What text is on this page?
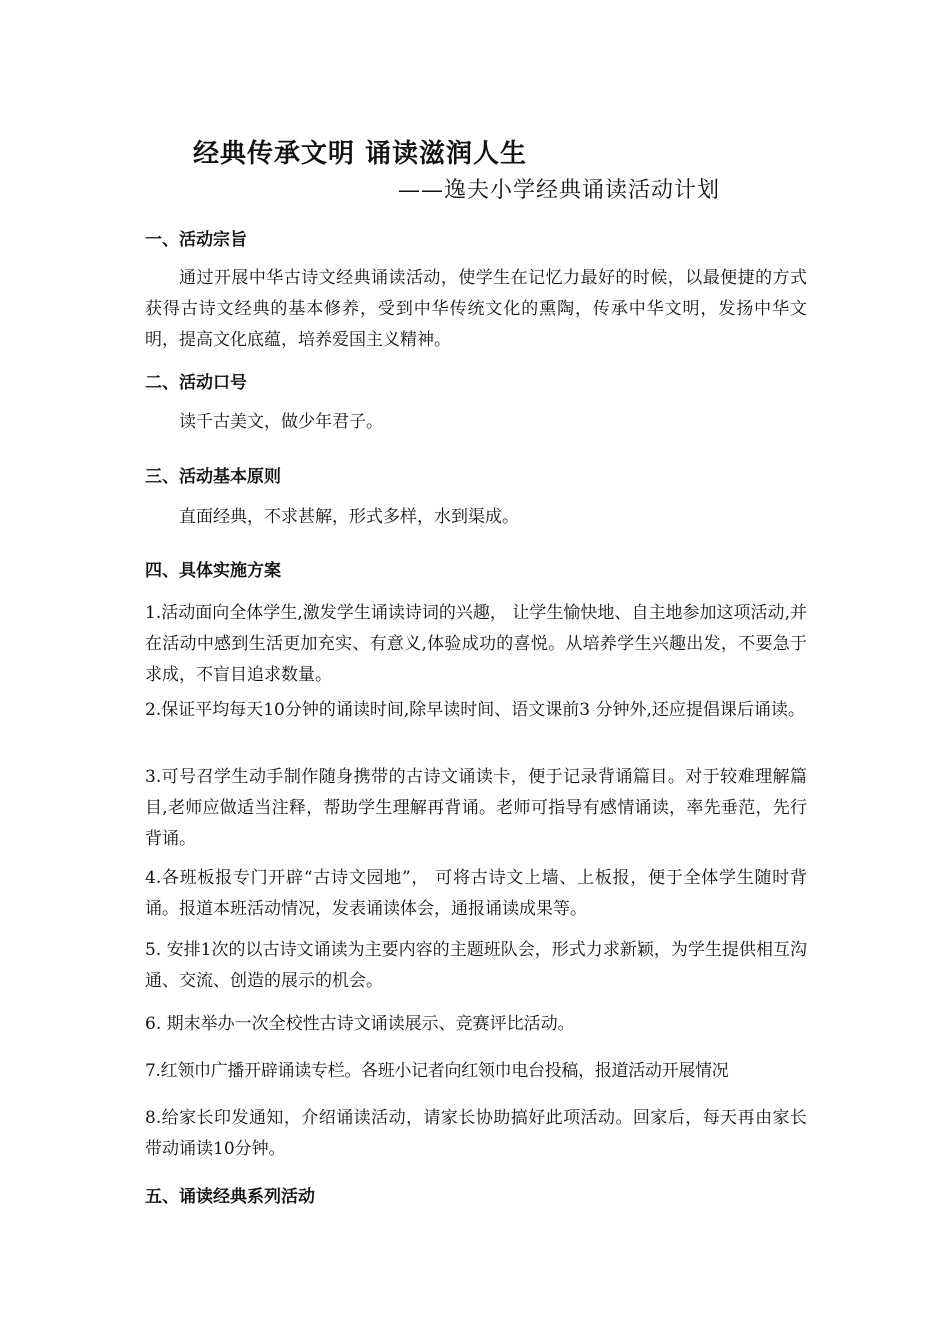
经典传承文明 诵读滋润人生
——逸夫小学经典诵读活动计划
一、活动宗旨
通过开展中华古诗文经典诵读活动，使学生在记忆力最好的时候，以最便捷的方式获得古诗文经典的基本修养，受到中华传统文化的熏陶，传承中华文明，发扬中华文明，提高文化底蕴，培养爱国主义精神。
二、活动口号
读千古美文，做少年君子。
三、活动基本原则
直面经典，不求甚解，形式多样，水到渠成。
四、具体实施方案
1.活动面向全体学生,激发学生诵读诗词的兴趣， 让学生愉快地、自主地参加这项活动,并在活动中感到生活更加充实、有意义,体验成功的喜悦。从培养学生兴趣出发，不要急于求成，不盲目追求数量。
2.保证平均每天10分钟的诵读时间,除早读时间、语文课前3 分钟外,还应提倡课后诵读。
3.可号召学生动手制作随身携带的古诗文诵读卡，便于记录背诵篇目。对于较难理解篇目,老师应做适当注释，帮助学生理解再背诵。老师可指导有感情诵读，率先垂范，先行背诵。
4.各班板报专门开辟“古诗文园地”， 可将古诗文上墙、上板报，便于全体学生随时背诵。报道本班活动情况，发表诵读体会，通报诵读成果等。
5. 安排1次的以古诗文诵读为主要内容的主题班队会，形式力求新颖，为学生提供相互沟通、交流、创造的展示的机会。
6. 期末举办一次全校性古诗文诵读展示、竞赛评比活动。
7.红领巾广播开辟诵读专栏。各班小记者向红领巾电台投稿，报道活动开展情况
8.给家长印发通知，介绍诵读活动，请家长协助搞好此项活动。回家后，每天再由家长带动诵读10分钟。
五、诵读经典系列活动
